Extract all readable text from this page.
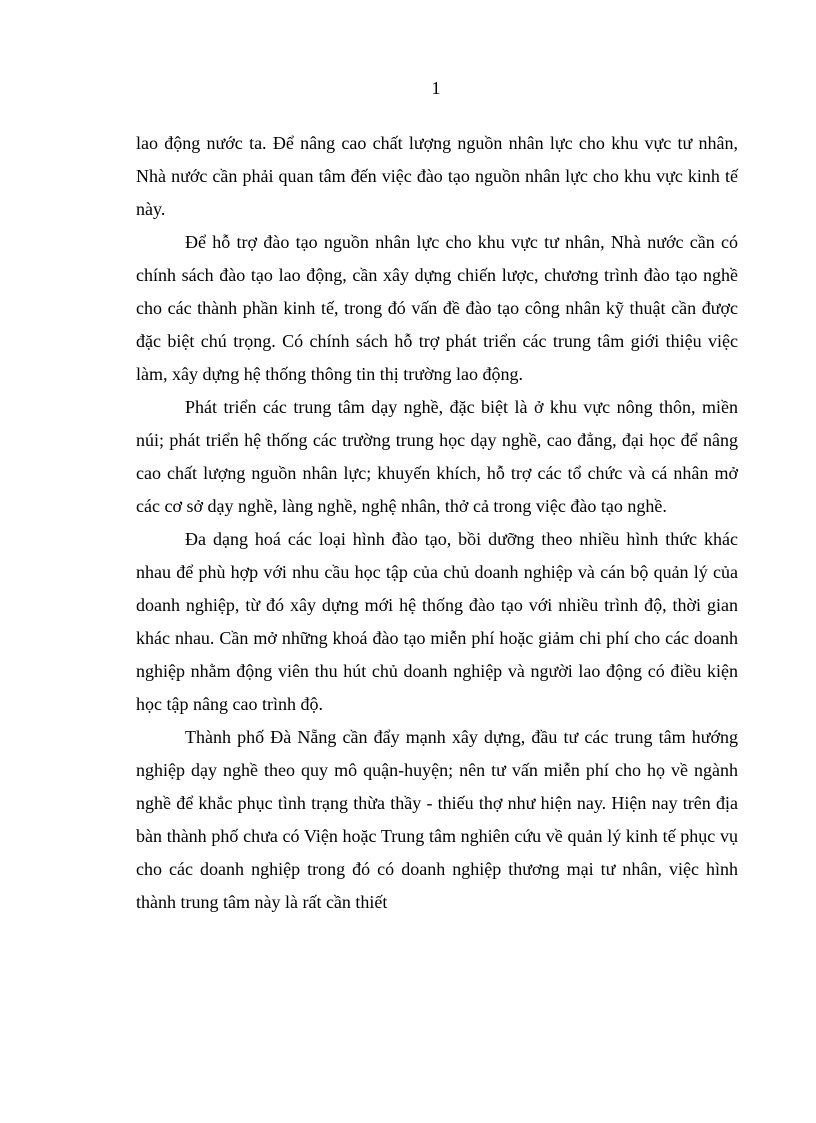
1

lao động nước ta. Để nâng cao chất lượng nguồn nhân lực cho khu vực tư nhân, Nhà nước cần phải quan tâm đến việc đào tạo nguồn nhân lực cho khu vực kinh tế này.

Để hỗ trợ đào tạo nguồn nhân lực cho khu vực tư nhân, Nhà nước cần có chính sách đào tạo lao động, cần xây dựng chiến lược, chương trình đào tạo nghề cho các thành phần kinh tế, trong đó vấn đề đào tạo công nhân kỹ thuật cần được đặc biệt chú trọng. Có chính sách hỗ trợ phát triển các trung tâm giới thiệu việc làm, xây dựng hệ thống thông tin thị trường lao động.

Phát triển các trung tâm dạy nghề, đặc biệt là ở khu vực nông thôn, miền núi; phát triển hệ thống các trường trung học dạy nghề, cao đẳng, đại học để nâng cao chất lượng nguồn nhân lực; khuyến khích, hỗ trợ các tổ chức và cá nhân mở các cơ sở dạy nghề, làng nghề, nghệ nhân, thở cả trong việc đào tạo nghề.

Đa dạng hoá các loại hình đào tạo, bồi dưỡng theo nhiều hình thức khác nhau để phù hợp với nhu cầu học tập của chủ doanh nghiệp và cán bộ quản lý của doanh nghiệp, từ đó xây dựng mới hệ thống đào tạo với nhiều trình độ, thời gian khác nhau. Cần mở những khoá đào tạo miễn phí hoặc giảm chi phí cho các doanh nghiệp nhằm động viên thu hút chủ doanh nghiệp và người lao động có điều kiện học tập nâng cao trình độ.

Thành phố Đà Nẵng cần đẩy mạnh xây dựng, đầu tư các trung tâm hướng nghiệp dạy nghề theo quy mô quận-huyện; nên tư vấn miễn phí cho họ về ngành nghề để khắc phục tình trạng thừa thầy - thiếu thợ như hiện nay. Hiện nay trên địa bàn thành phố chưa có Viện hoặc Trung tâm nghiên cứu về quản lý kinh tế phục vụ cho các doanh nghiệp trong đó có doanh nghiệp thương mại tư nhân, việc hình thành trung tâm này là rất cần thiết
